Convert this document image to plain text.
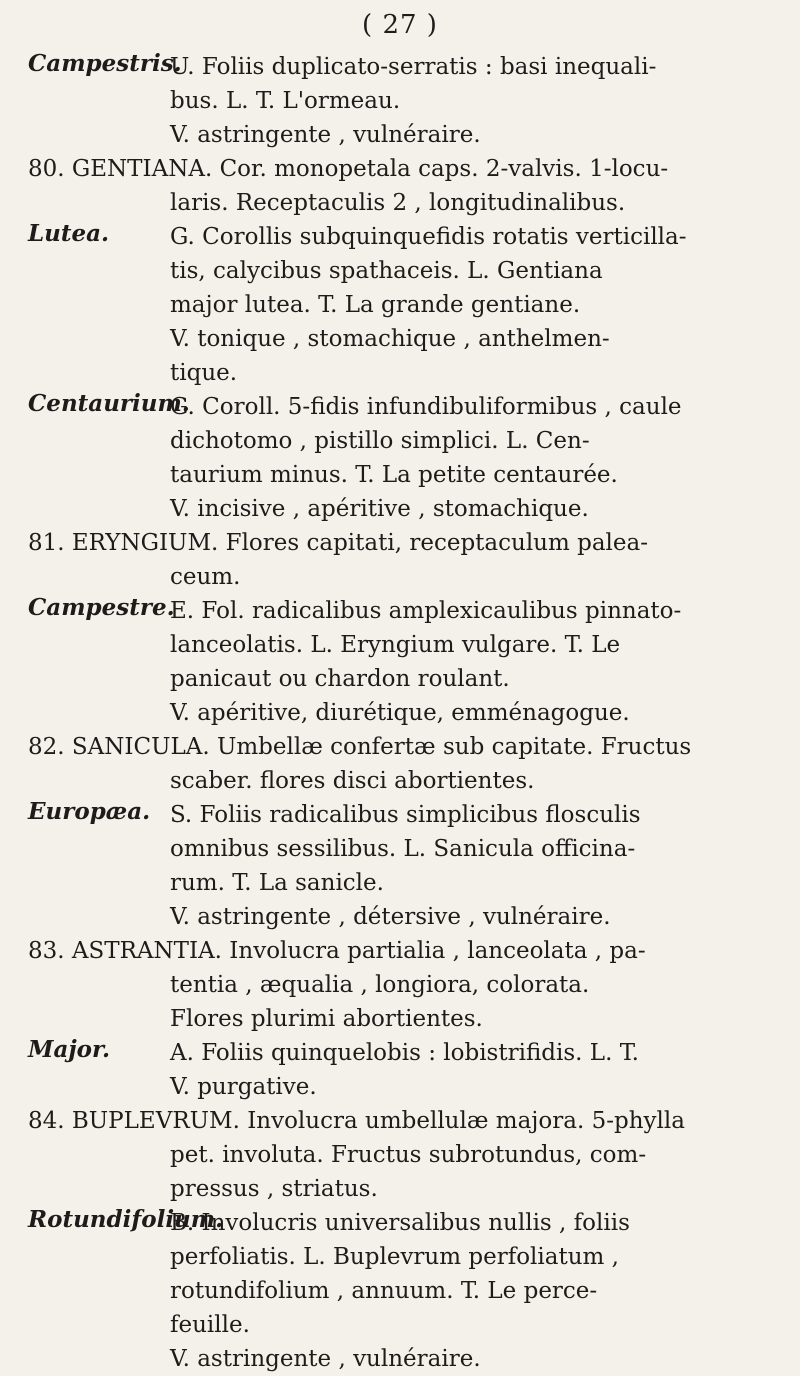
( 27 )
Campestris.
U. Foliis duplicato-serratis : basi inequali-
bus. L. T. L'ormeau.
V. astringente , vulnéraire.
80. GENTIANA. Cor. monopetala caps. 2-valvis. 1-locu-
laris. Receptaculis 2 , longitudinalibus.
Lutea.	G. Corollis subquinquefidis rotatis verticilla-
tis, calycibus spathaceis. L. Gentiana
major lutea. T. La grande gentiane.
V. tonique , stomachique , anthelmen-
tique.
Centaurium.
G. Coroll. 5-fidis infundibuliformibus , caule
dichotomo , pistillo simplici. L. Cen-
taurium minus. T. La petite centaurée.
V. incisive , apéritive , stomachique.
81. ERYNGIUM. Flores capitati, receptaculum palea-
ceum.
Campestre.
E. Fol. radicalibus amplexicaulibus pinnato-
lanceolatis. L. Eryngium vulgare. T. Le
panicaut ou chardon roulant.
V. apéritive, diurétique, emménagogue.
82. SANICULA. Umbellæ confertæ sub capitate. Fructus
scaber. flores disci abortientes.
Europæa. S. Foliis radicalibus simplicibus flosculis
omnibus sessilibus. L. Sanicula officina-
rum. T. La sanicle.
V. astringente , détersive , vulnéraire.
83. ASTRANTIA. Involucra partialia , lanceolata , pa-
tentia , æqualia , longiora, colorata.
Flores plurimi abortientes.
Major.	A. Foliis quinquelobis : lobistrifidis. L. T.
V. purgative.
84. BUPLEVRUM. Involucra umbellulæ majora. 5-phylla
pet. involuta. Fructus subrotundus, com-
pressus , striatus.
Rotundifolium.
B. Involucris universalibus nullis , foliis
perfoliatis. L. Buplevrum perfoliatum ,
rotundifolium , annuum. T. Le perce-
feuille.
V. astringente , vulnéraire.
